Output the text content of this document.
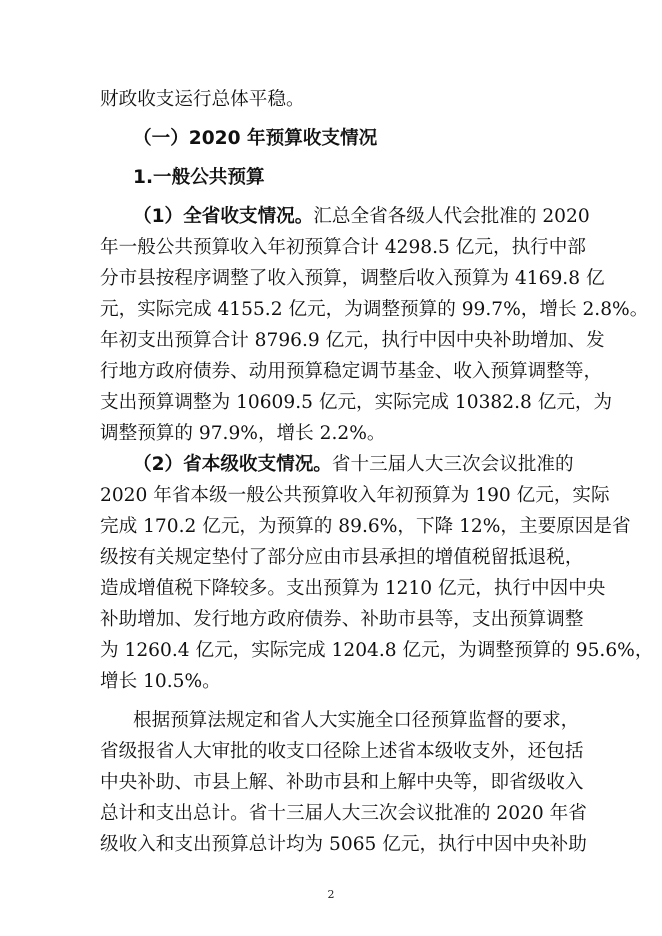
财政收支运行总体平稳。
（一）2020 年预算收支情况
1.一般公共预算
（1）全省收支情况。汇总全省各级人代会批准的 2020
年一般公共预算收入年初预算合计 4298.5 亿元，执行中部
分市县按程序调整了收入预算，调整后收入预算为 4169.8 亿
元，实际完成 4155.2 亿元，为调整预算的 99.7%，增长 2.8%。
年初支出预算合计 8796.9 亿元，执行中因中央补助增加、发
行地方政府债券、动用预算稳定调节基金、收入预算调整等，
支出预算调整为 10609.5 亿元，实际完成 10382.8 亿元，为
调整预算的 97.9%，增长 2.2%。
（2）省本级收支情况。省十三届人大三次会议批准的
2020 年省本级一般公共预算收入年初预算为 190 亿元，实际
完成 170.2 亿元，为预算的 89.6%，下降 12%，主要原因是省
级按有关规定垫付了部分应由市县承担的增值税留抵退税，
造成增值税下降较多。支出预算为 1210 亿元，执行中因中央
补助增加、发行地方政府债券、补助市县等，支出预算调整
为 1260.4 亿元，实际完成 1204.8 亿元，为调整预算的 95.6%，
增长 10.5%。
根据预算法规定和省人大实施全口径预算监督的要求，
省级报省人大审批的收支口径除上述省本级收支外，还包括
中央补助、市县上解、补助市县和上解中央等，即省级收入
总计和支出总计。省十三届人大三次会议批准的 2020 年省
级收入和支出预算总计均为 5065 亿元，执行中因中央补助
2
